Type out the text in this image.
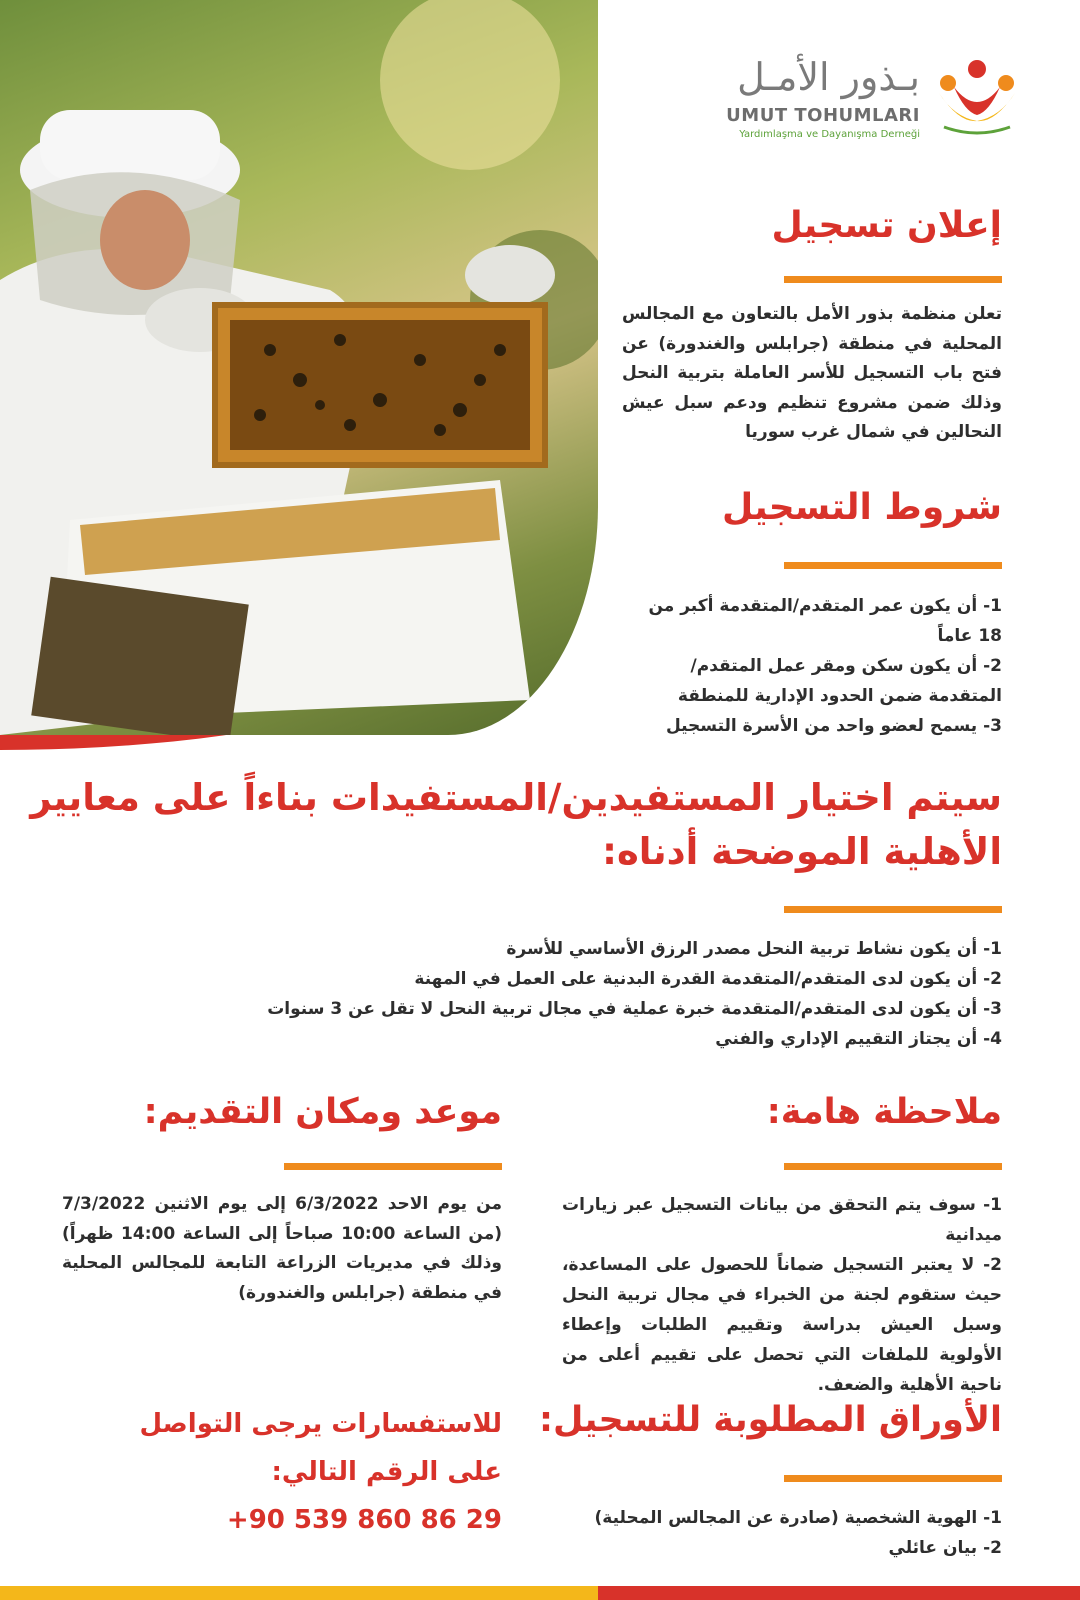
بـذور الأمـل
UMUT TOHUMLARI
Yardımlaşma ve Dayanışma Derneği
إعلان تسجيل
تعلن منظمة بذور الأمل بالتعاون مع المجالس المحلية في منطقة (جرابلس والغندورة) عن فتح باب التسجيل للأسر العاملة بتربية النحل وذلك ضمن مشروع تنظيم ودعم سبل عيش النحالين في شمال غرب سوريا
شروط التسجيل
1- أن يكون عمر المتقدم/المتقدمة أكبر من 18 عاماً
2- أن يكون سكن ومقر عمل المتقدم/المتقدمة ضمن الحدود الإدارية للمنطقة
3- يسمح لعضو واحد من الأسرة التسجيل
سيتم اختيار المستفيدين/المستفيدات بناءاً على معايير
الأهلية الموضحة أدناه:
1- أن يكون نشاط تربية النحل مصدر الرزق الأساسي للأسرة
2- أن يكون لدى المتقدم/المتقدمة القدرة البدنية على العمل في المهنة
3- أن يكون لدى المتقدم/المتقدمة خبرة عملية في مجال تربية النحل لا تقل عن 3 سنوات
4- أن يجتاز التقييم الإداري والفني
ملاحظة هامة:
1- سوف يتم التحقق من بيانات التسجيل عبر زيارات ميدانية
2- لا يعتبر التسجيل ضماناً للحصول على المساعدة، حيث ستقوم لجنة من الخبراء في مجال تربية النحل وسبل العيش بدراسة وتقييم الطلبات وإعطاء الأولوية للملفات التي تحصل على تقييم أعلى من ناحية الأهلية والضعف.
موعد ومكان التقديم:
من يوم الاحد 6/3/2022 إلى يوم الاثنين 7/3/2022 (من الساعة 10:00 صباحاً إلى الساعة 14:00 ظهراً) وذلك في مديريات الزراعة التابعة للمجالس المحلية في منطقة (جرابلس والغندورة)
الأوراق المطلوبة للتسجيل:
1- الهوية الشخصية (صادرة عن المجالس المحلية)
2- بيان عائلي
للاستفسارات يرجى التواصل
على الرقم التالي:
+90 539 860 86 29
